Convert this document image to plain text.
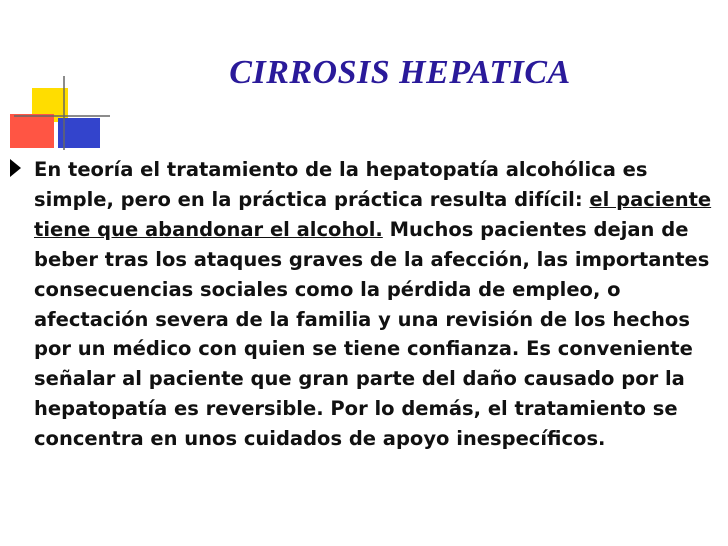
CIRROSIS HEPATICA

En teoría el tratamiento de la hepatopatía alcohólica es simple, pero en la práctica práctica resulta difícil: el paciente tiene que abandonar el alcohol. Muchos pacientes dejan de beber tras los ataques graves de la afección, las importantes consecuencias sociales como la pérdida de empleo, o afectación severa de la familia y una revisión de los hechos por un médico con quien se tiene confianza. Es conveniente señalar al paciente que gran parte del daño causado por la hepatopatía es reversible. Por lo demás, el tratamiento se concentra en unos cuidados de apoyo inespecíficos.
